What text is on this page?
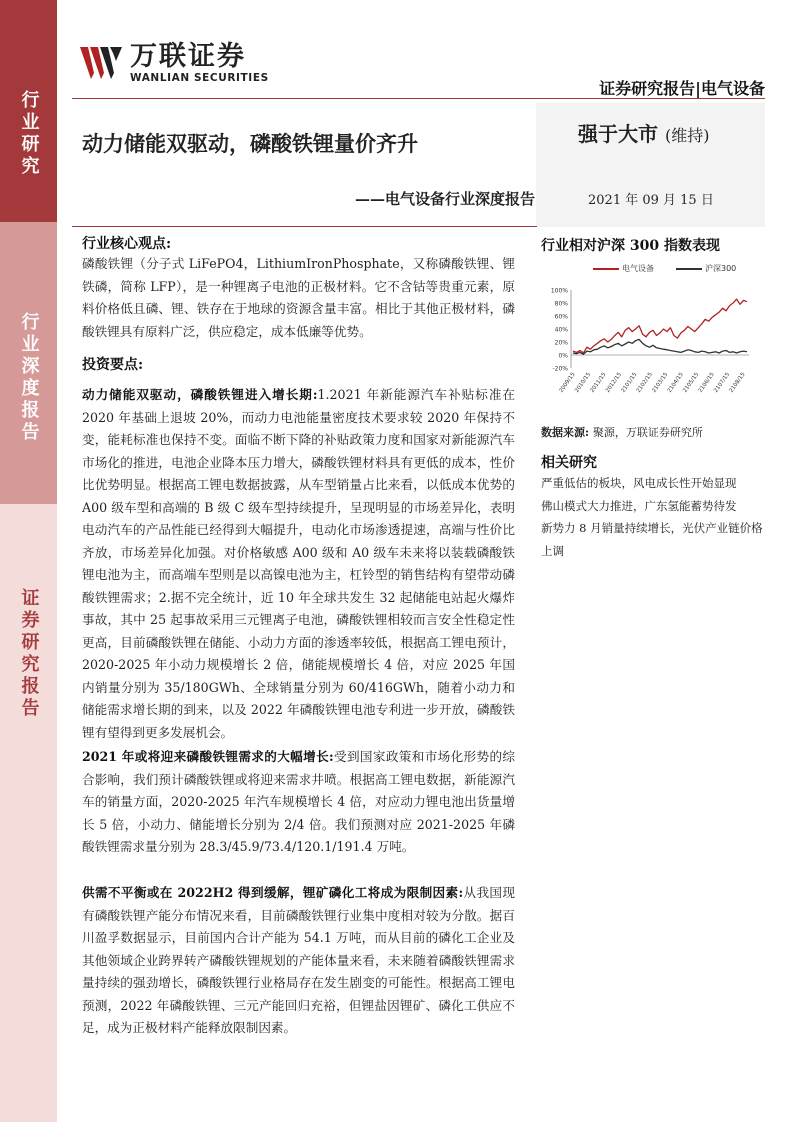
行业研究
行业深度报告
证券研究报告
万联证券
WANLIAN SECURITIES
证券研究报告|电气设备
动力储能双驱动，磷酸铁锂量价齐升
——电气设备行业深度报告
强于大市 (维持)
2021 年 09 月 15 日
行业核心观点:
磷酸铁锂（分子式 LiFePO4，LithiumIronPhosphate，又称磷酸铁锂、锂铁磷，简称 LFP），是一种锂离子电池的正极材料。它不含钴等贵重元素，原料价格低且磷、锂、铁存在于地球的资源含量丰富。相比于其他正极材料，磷酸铁锂具有原料广泛，供应稳定，成本低廉等优势。
投资要点:
动力储能双驱动，磷酸铁锂进入增长期:1.2021 年新能源汽车补贴标准在 2020 年基础上退坡 20%，而动力电池能量密度技术要求较 2020 年保持不变，能耗标准也保持不变。面临不断下降的补贴政策力度和国家对新能源汽车市场化的推进，电池企业降本压力增大，磷酸铁锂材料具有更低的成本，性价比优势明显。根据高工锂电数据披露，从车型销量占比来看，以低成本优势的 A00 级车型和高端的 B 级 C 级车型持续提升，呈现明显的市场差异化，表明电动汽车的产品性能已经得到大幅提升，电动化市场渗透提速，高端与性价比齐放，市场差异化加强。对价格敏感 A00 级和 A0 级车未来将以装载磷酸铁锂电池为主，而高端车型则是以高镍电池为主，杠铃型的销售结构有望带动磷酸铁锂需求；2.据不完全统计，近 10 年全球共发生 32 起储能电站起火爆炸事故，其中 25 起事故采用三元锂离子电池，磷酸铁锂相较而言安全性稳定性更高，目前磷酸铁锂在储能、小动力方面的渗透率较低，根据高工锂电预计，2020-2025 年小动力规模增长 2 倍，储能规模增长 4 倍，对应 2025 年国内销量分别为 35/180GWh、全球销量分别为 60/416GWh，随着小动力和储能需求增长期的到来，以及 2022 年磷酸铁锂电池专利进一步开放，磷酸铁锂有望得到更多发展机会。
2021 年或将迎来磷酸铁锂需求的大幅增长:受到国家政策和市场化形势的综合影响，我们预计磷酸铁锂或将迎来需求井喷。根据高工锂电数据，新能源汽车的销量方面，2020-2025 年汽车规模增长 4 倍，对应动力锂电池出货量增长 5 倍，小动力、储能增长分别为 2/4 倍。我们预测对应 2021-2025 年磷酸铁锂需求量分别为 28.3/45.9/73.4/120.1/191.4 万吨。
供需不平衡或在 2022H2 得到缓解，锂矿磷化工将成为限制因素:从我国现有磷酸铁锂产能分布情况来看，目前磷酸铁锂行业集中度相对较为分散。据百川盈孚数据显示，目前国内合计产能为 54.1 万吨，而从目前的磷化工企业及其他领域企业跨界转产磷酸铁锂规划的产能体量来看，未来随着磷酸铁锂需求量持续的强劲增长，磷酸铁锂行业格局存在发生剧变的可能性。根据高工锂电预测，2022 年磷酸铁锂、三元产能回归充裕，但锂盐因锂矿、磷化工供应不足，成为正极材料产能释放限制因素。
行业相对沪深 300 指数表现
电气设备	沪深300
100%
80%
60%
40%
20%
0%
-20%
2009/15
2010/15
2011/15
2012/15
2101/15
2102/15
2103/15
2104/15
2105/15
2106/15
2107/15
2108/15
数据来源: 聚源，万联证券研究所
相关研究
严重低估的板块，风电成长性开始显现
佛山模式大力推进，广东氢能蓄势待发
新势力 8 月销量持续增长，光伏产业链价格
上调
